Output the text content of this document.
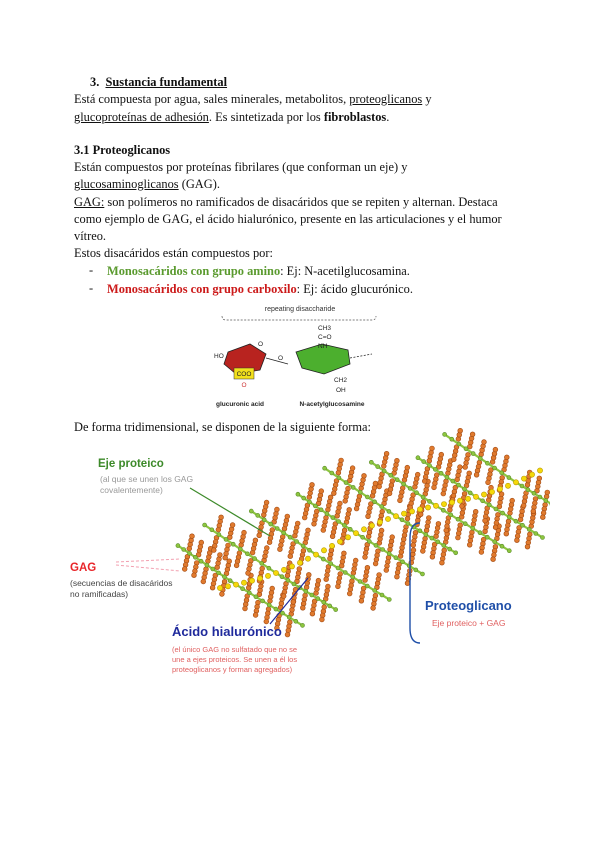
3. Sustancia fundamental
Está compuesta por agua, sales minerales, metabolitos, proteoglicanos y
glucoproteínas de adhesión. Es sintetizada por los fibroblastos.
3.1 Proteoglicanos
Están compuestos por proteínas fibrilares (que conforman un eje) y
glucosaminoglicanos (GAG).
GAG: son polímeros no ramificados de disacáridos que se repiten y alternan. Destaca
como ejemplo de GAG, el ácido hialurónico, presente en las articulaciones y el humor
vítreo.
Estos disacáridos están compuestos por:
- Monosacáridos con grupo amino: Ej: N-acetilglucosamina.
- Monosacáridos con grupo carboxilo: Ej: ácido glucurónico.
repeating disaccharide
COO
O
HO
O
O
CH3
C=O
NH
CH2
OH
glucuronic acid	N-acetylglucosamine
De forma tridimensional, se disponen de la siguiente forma:
Eje proteico
(al que se unen los GAG
covalentemente)
GAG
(secuencias de disacáridos
no ramificadas)
Ácido hialurónico
(el único GAG no sulfatado que no se
une a ejes proteicos. Se unen a él los
proteoglicanos y forman agregados)
Proteoglicano
Eje proteico + GAG
